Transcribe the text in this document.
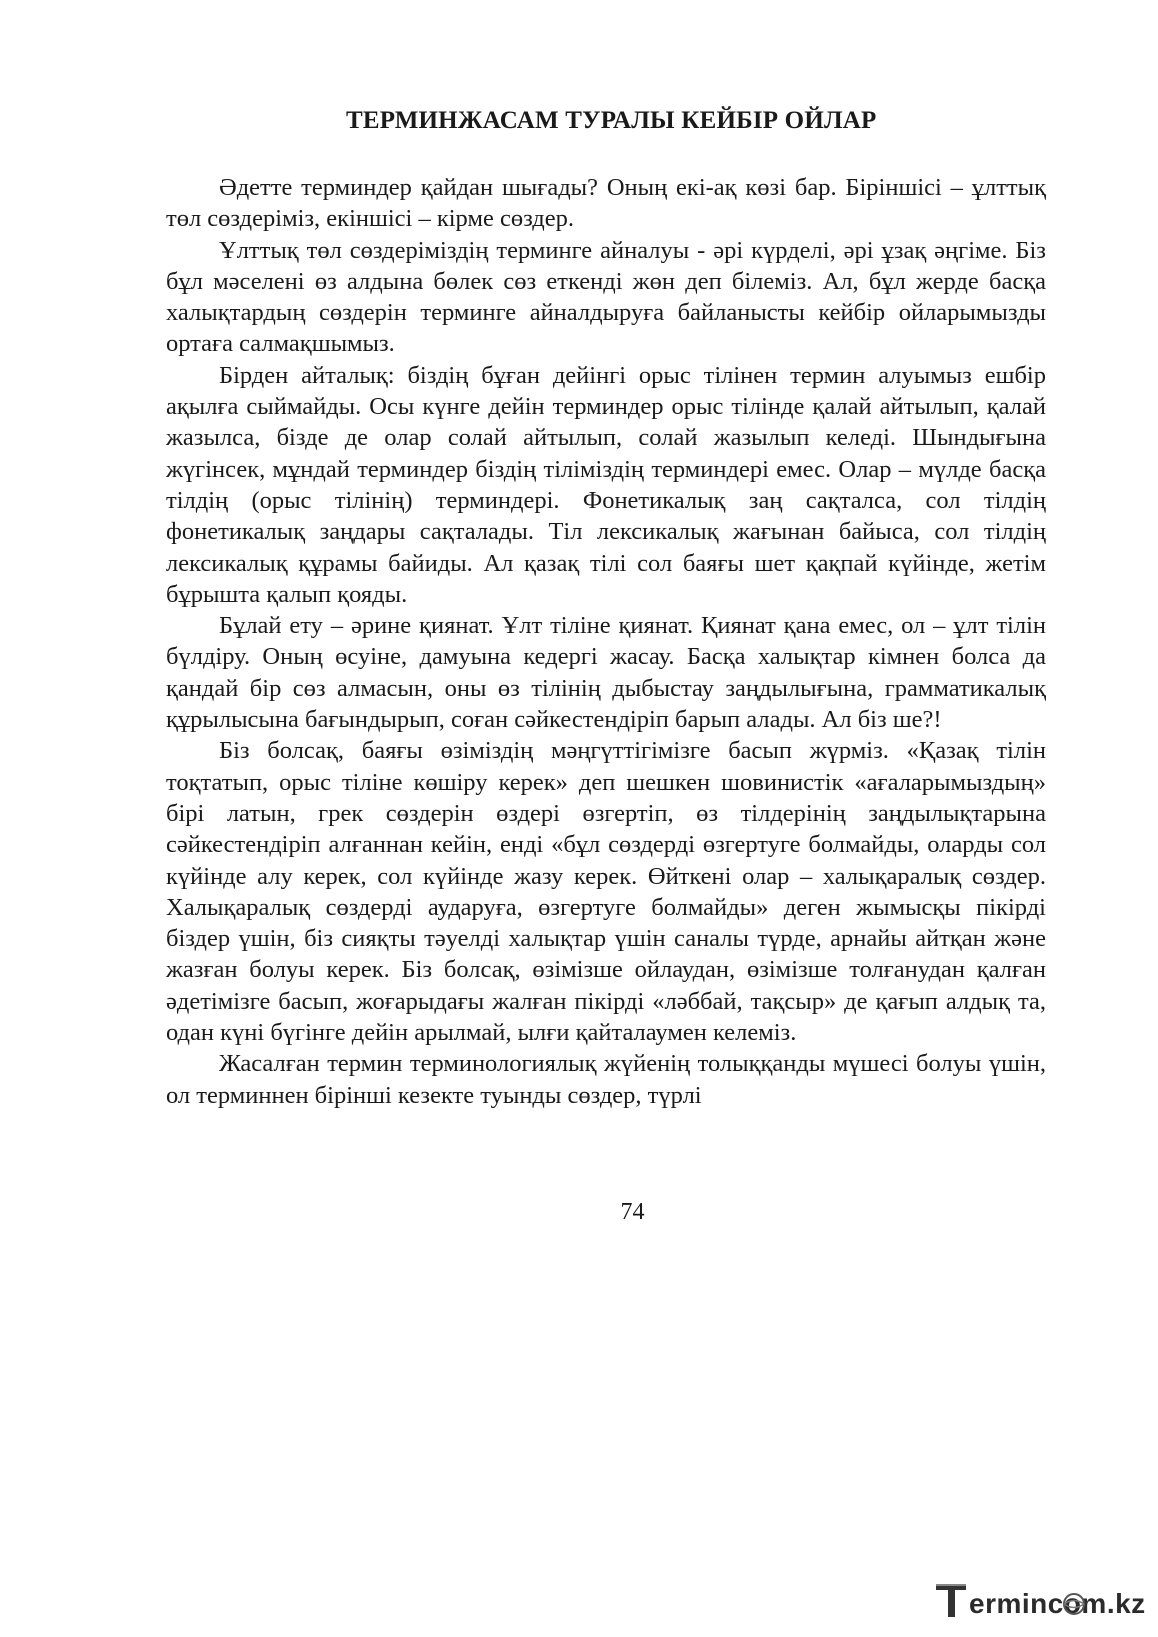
ТЕРМИНЖАСАМ ТУРАЛЫ КЕЙБІР ОЙЛАР

Әдетте терминдер қайдан шығады? Оның екі-ақ көзі бар. Біріншісі – ұлттық төл сөздеріміз, екіншісі – кірме сөздер.

Ұлттық төл сөздеріміздің терминге айналуы - әрі күрделі, әрі ұзақ әңгіме. Біз бұл мәселені өз алдына бөлек сөз еткенді жөн деп білеміз. Ал, бұл жерде басқа халықтардың сөздерін терминге айналдыруға байланысты кейбір ойларымызды ортаға салмақшымыз.

Бірден айталық: біздің бұған дейінгі орыс тілінен термин алуымыз ешбір ақылға сыймайды. Осы күнге дейін терминдер орыс тілінде қалай айтылып, қалай жазылса, бізде де олар солай айтылып, солай жазылып келеді. Шындығына жүгінсек, мұндай терминдер біздің тіліміздің терминдері емес. Олар – мүлде басқа тілдің (орыс тілінің) терминдері. Фонетикалық заң сақталса, сол тілдің фонетикалық заңдары сақталады. Тіл лексикалық жағынан байыса, сол тілдің лексикалық құрамы байиды. Ал қазақ тілі сол баяғы шет қақпай күйінде, жетім бұрышта қалып қояды.

Бұлай ету – әрине қиянат. Ұлт тіліне қиянат. Қиянат қана емес, ол – ұлт тілін бүлдіру. Оның өсуіне, дамуына кедергі жасау. Басқа халықтар кімнен болса да қандай бір сөз алмасын, оны өз тілінің дыбыстау заңдылығына, грамматикалық құрылысына бағындырып, соған сәйкестендіріп барып алады. Ал біз ше?!

Біз болсақ, баяғы өзіміздің мәңгүттігімізге басып жүрміз. «Қазақ тілін тоқтатып, орыс тіліне көшіру керек» деп шешкен шовинистік «ағаларымыздың» бірі латын, грек сөздерін өздері өзгертіп, өз тілдерінің заңдылықтарына сәйкестендіріп алғаннан кейін, енді «бұл сөздерді өзгертуге болмайды, оларды сол күйінде алу керек, сол күйінде жазу керек. Өйткені олар – халықаралық сөздер. Халықаралық сөздерді аударуға, өзгертуге болмайды» деген жымысқы пікірді біздер үшін, біз сияқты тәуелді халықтар үшін саналы түрде, арнайы айтқан және жазған болуы керек. Біз болсақ, өзімізше ойлаудан, өзімізше толғанудан қалған әдетімізге басып, жоғарыдағы жалған пікірді «ләббай, тақсыр» де қағып алдық та, одан күні бүгінге дейін арылмай, ылғи қайталаумен келеміз.

Жасалған термин терминологиялық жүйенің толыққанды мүшесі болуы үшін, ол терминнен бірінші кезекте туынды сөздер, түрлі

74

ermincom.kz
